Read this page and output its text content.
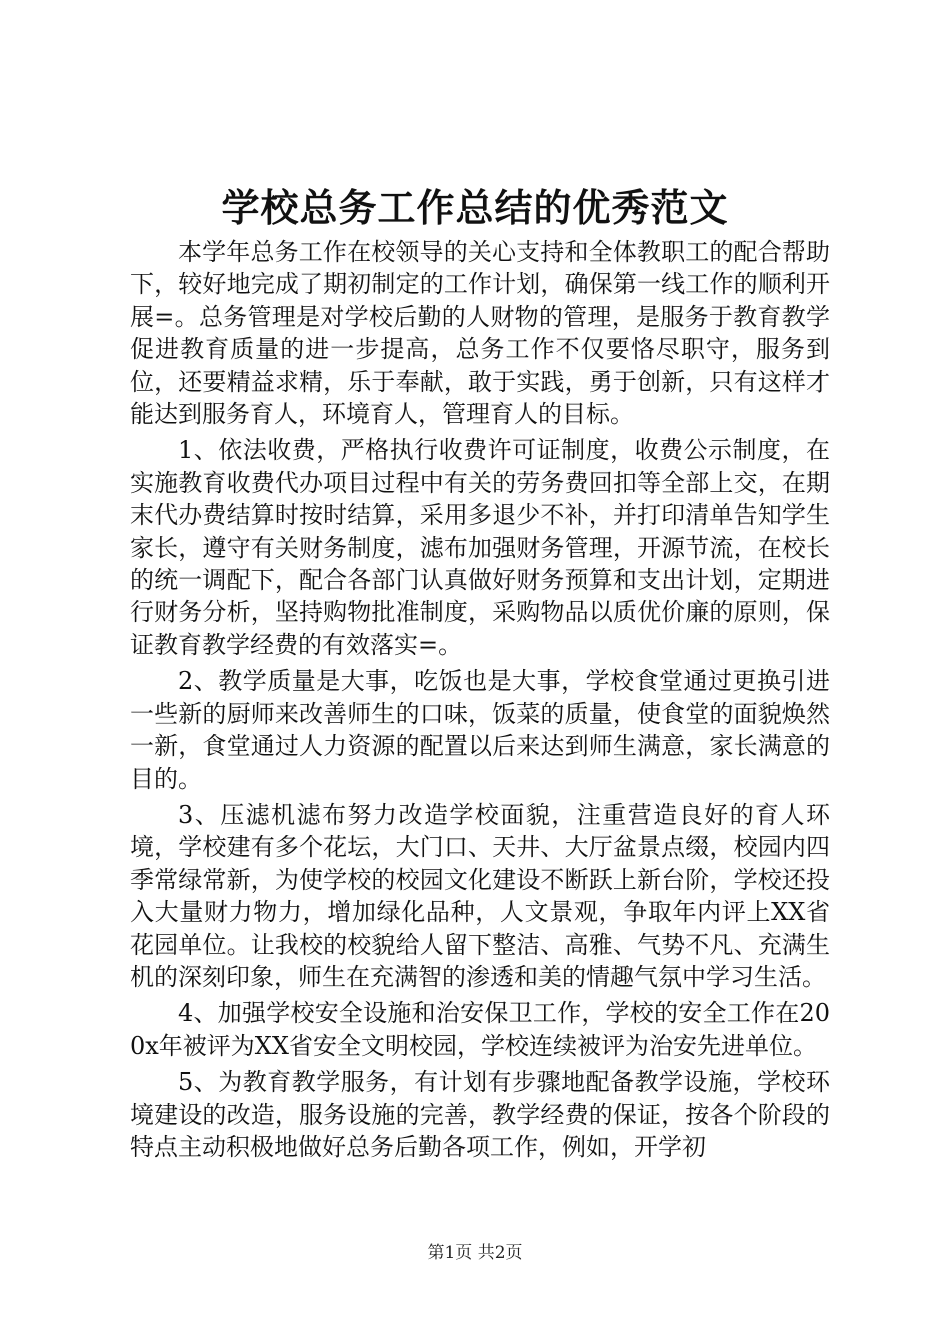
学校总务工作总结的优秀范文

本学年总务工作在校领导的关心支持和全体教职工的配合帮助下，较好地完成了期初制定的工作计划，确保第一线工作的顺利开展=。总务管理是对学校后勤的人财物的管理，是服务于教育教学促进教育质量的进一步提高，总务工作不仅要恪尽职守，服务到位，还要精益求精，乐于奉献，敢于实践，勇于创新，只有这样才能达到服务育人，环境育人，管理育人的目标。

1、依法收费，严格执行收费许可证制度，收费公示制度，在实施教育收费代办项目过程中有关的劳务费回扣等全部上交，在期末代办费结算时按时结算，采用多退少不补，并打印清单告知学生家长，遵守有关财务制度，滤布加强财务管理，开源节流，在校长的统一调配下，配合各部门认真做好财务预算和支出计划，定期进行财务分析，坚持购物批准制度，采购物品以质优价廉的原则，保证教育教学经费的有效落实=。

2、教学质量是大事，吃饭也是大事，学校食堂通过更换引进一些新的厨师来改善师生的口味，饭菜的质量，使食堂的面貌焕然一新，食堂通过人力资源的配置以后来达到师生满意，家长满意的目的。

3、压滤机滤布努力改造学校面貌，注重营造良好的育人环境，学校建有多个花坛，大门口、天井、大厅盆景点缀，校园内四季常绿常新，为使学校的校园文化建设不断跃上新台阶，学校还投入大量财力物力，增加绿化品种，人文景观，争取年内评上XX省花园单位。让我校的校貌给人留下整洁、高雅、气势不凡、充满生机的深刻印象，师生在充满智的渗透和美的情趣气氛中学习生活。

4、加强学校安全设施和治安保卫工作，学校的安全工作在200x年被评为XX省安全文明校园，学校连续被评为治安先进单位。

5、为教育教学服务，有计划有步骤地配备教学设施，学校环境建设的改造，服务设施的完善，教学经费的保证，按各个阶段的特点主动积极地做好总务后勤各项工作，例如，开学初

第1页 共2页
